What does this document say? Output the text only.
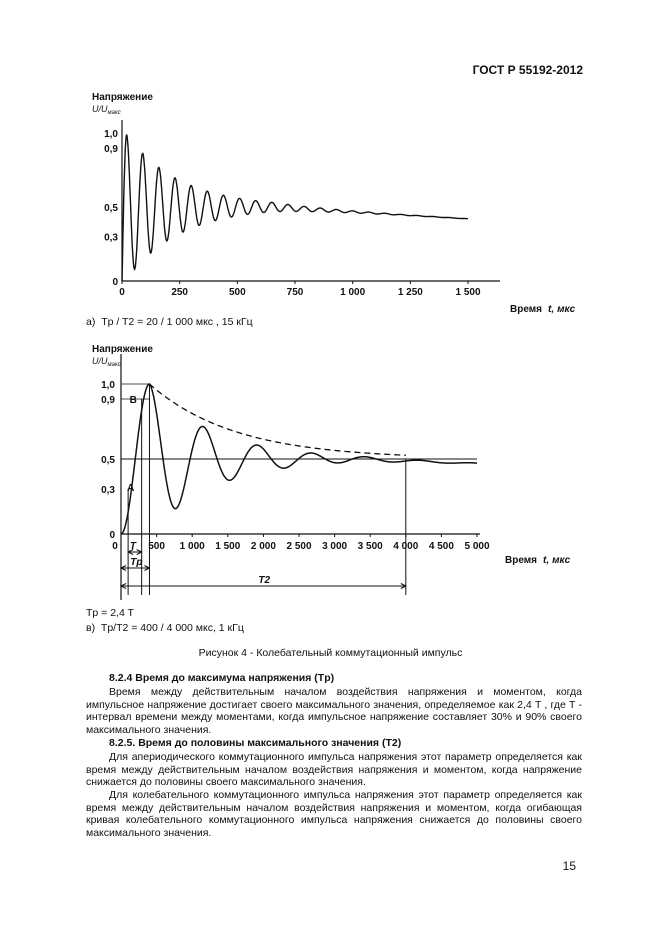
ГОСТ Р 55192-2012
Напряжение
$U/U_{макс}$
0
0,3
0,5
0,9
1,0
0	250	500	750	1 000	1 250	1 500
Время t, мкс
а) Tp / T2 = 20 / 1 000 мкс , 15 кГц
Напряжение
$U/U_{макс}$
0
0,3
0,5
0,9
1,0
0	500 1 000 1 500 2 000 2 500 3 000 3 500 4 000 4 500 5 000
A
B
T
Tp
T2
Время t, мкс
Tp = 2,4 T
в) Tp/T2 = 400 / 4 000 мкс, 1 кГц
Рисунок 4 - Колебательный коммутационный импульс
8.2.4 Время до максимума напряжения (Tp)
Время между действительным началом воздействия напряжения и моментом, когда импульсное напряжение достигает своего максимального значения, определяемое как 2,4 T , где T - интервал времени между моментами, когда импульсное напряжение составляет 30% и 90% своего максимального значения.
8.2.5. Время до половины максимального значения (T2)
Для апериодического коммутационного импульса напряжения этот параметр определяется как время между действительным началом воздействия напряжения и моментом, когда напряжение снижается до половины своего максимального значения.
Для колебательного коммутационного импульса напряжения этот параметр определяется как время между действительным началом воздействия напряжения и моментом, когда огибающая кривая колебательного коммутационного импульса напряжения снижается до половины своего максимального значения.
15
